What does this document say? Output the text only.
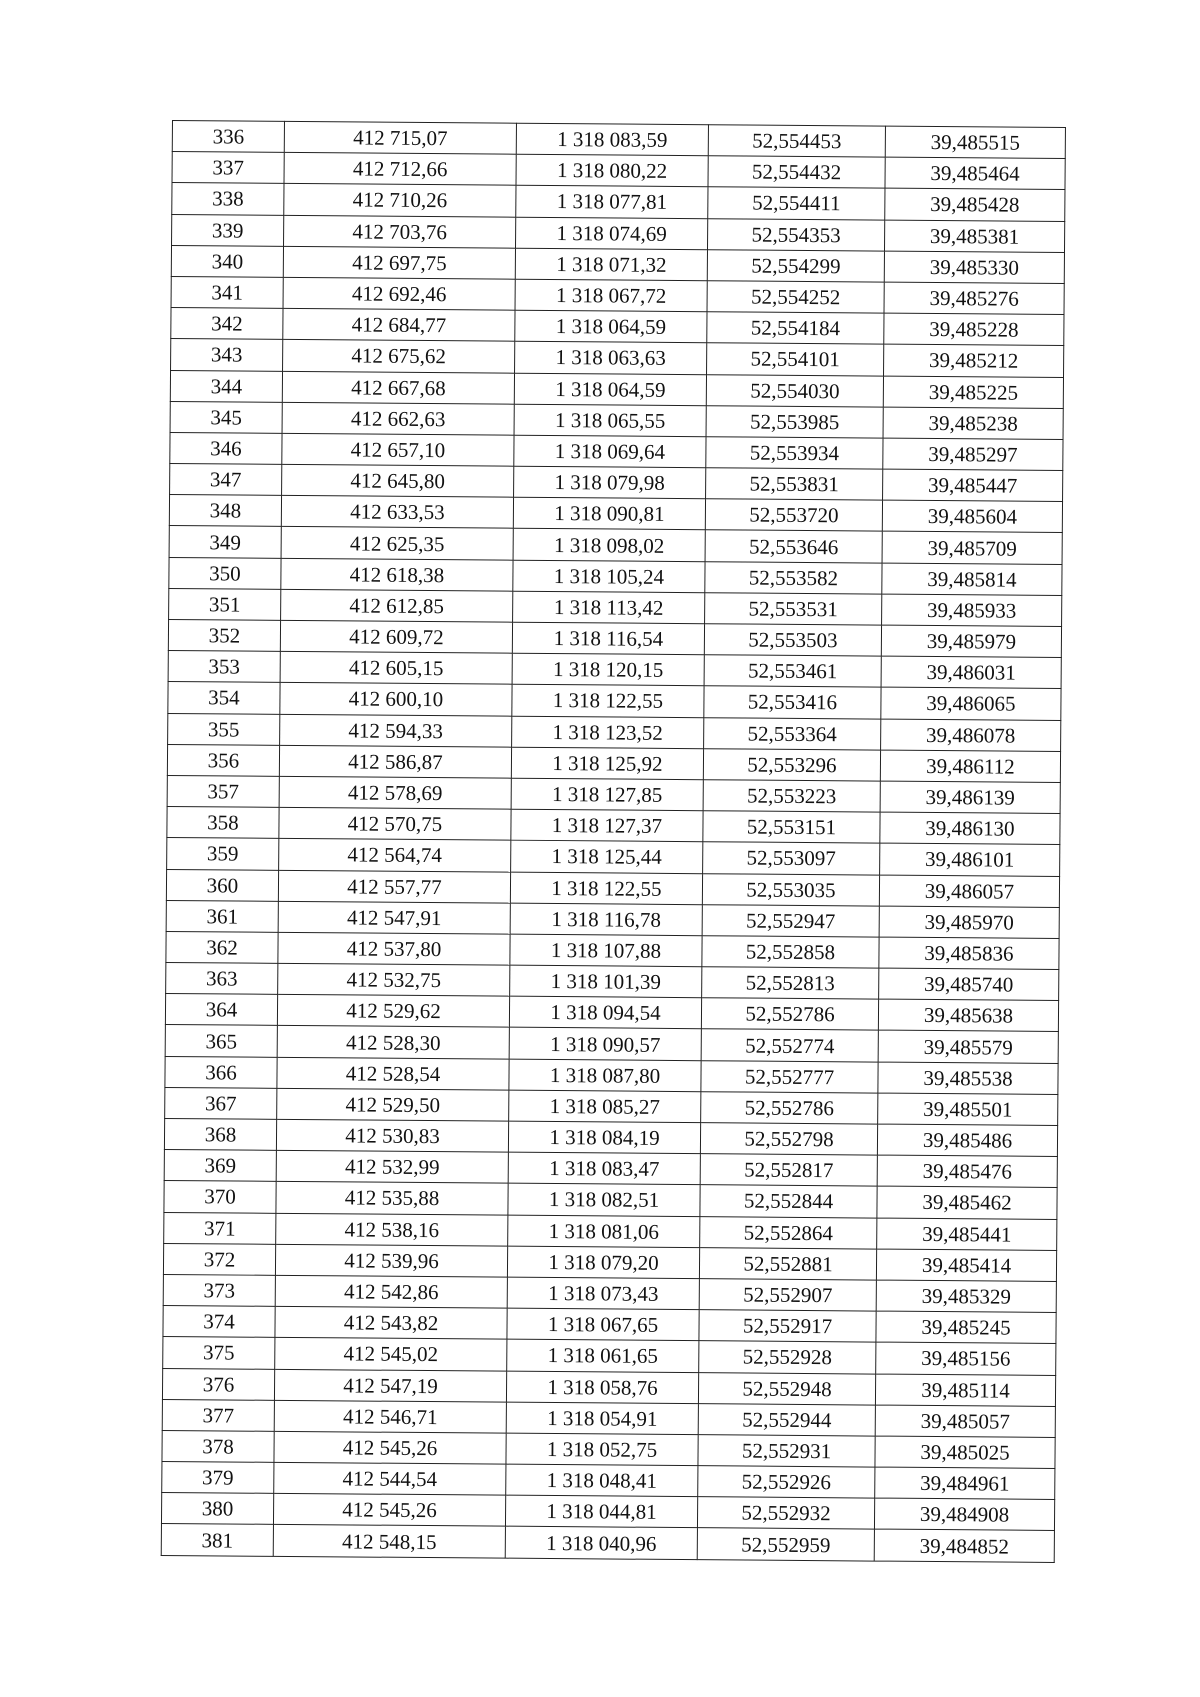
336	412 715,07	1 318 083,59	52,554453	39,485515
337	412 712,66	1 318 080,22	52,554432	39,485464
338	412 710,26	1 318 077,81	52,554411	39,485428
339	412 703,76	1 318 074,69	52,554353	39,485381
340	412 697,75	1 318 071,32	52,554299	39,485330
341	412 692,46	1 318 067,72	52,554252	39,485276
342	412 684,77	1 318 064,59	52,554184	39,485228
343	412 675,62	1 318 063,63	52,554101	39,485212
344	412 667,68	1 318 064,59	52,554030	39,485225
345	412 662,63	1 318 065,55	52,553985	39,485238
346	412 657,10	1 318 069,64	52,553934	39,485297
347	412 645,80	1 318 079,98	52,553831	39,485447
348	412 633,53	1 318 090,81	52,553720	39,485604
349	412 625,35	1 318 098,02	52,553646	39,485709
350	412 618,38	1 318 105,24	52,553582	39,485814
351	412 612,85	1 318 113,42	52,553531	39,485933
352	412 609,72	1 318 116,54	52,553503	39,485979
353	412 605,15	1 318 120,15	52,553461	39,486031
354	412 600,10	1 318 122,55	52,553416	39,486065
355	412 594,33	1 318 123,52	52,553364	39,486078
356	412 586,87	1 318 125,92	52,553296	39,486112
357	412 578,69	1 318 127,85	52,553223	39,486139
358	412 570,75	1 318 127,37	52,553151	39,486130
359	412 564,74	1 318 125,44	52,553097	39,486101
360	412 557,77	1 318 122,55	52,553035	39,486057
361	412 547,91	1 318 116,78	52,552947	39,485970
362	412 537,80	1 318 107,88	52,552858	39,485836
363	412 532,75	1 318 101,39	52,552813	39,485740
364	412 529,62	1 318 094,54	52,552786	39,485638
365	412 528,30	1 318 090,57	52,552774	39,485579
366	412 528,54	1 318 087,80	52,552777	39,485538
367	412 529,50	1 318 085,27	52,552786	39,485501
368	412 530,83	1 318 084,19	52,552798	39,485486
369	412 532,99	1 318 083,47	52,552817	39,485476
370	412 535,88	1 318 082,51	52,552844	39,485462
371	412 538,16	1 318 081,06	52,552864	39,485441
372	412 539,96	1 318 079,20	52,552881	39,485414
373	412 542,86	1 318 073,43	52,552907	39,485329
374	412 543,82	1 318 067,65	52,552917	39,485245
375	412 545,02	1 318 061,65	52,552928	39,485156
376	412 547,19	1 318 058,76	52,552948	39,485114
377	412 546,71	1 318 054,91	52,552944	39,485057
378	412 545,26	1 318 052,75	52,552931	39,485025
379	412 544,54	1 318 048,41	52,552926	39,484961
380	412 545,26	1 318 044,81	52,552932	39,484908
381	412 548,15	1 318 040,96	52,552959	39,484852
